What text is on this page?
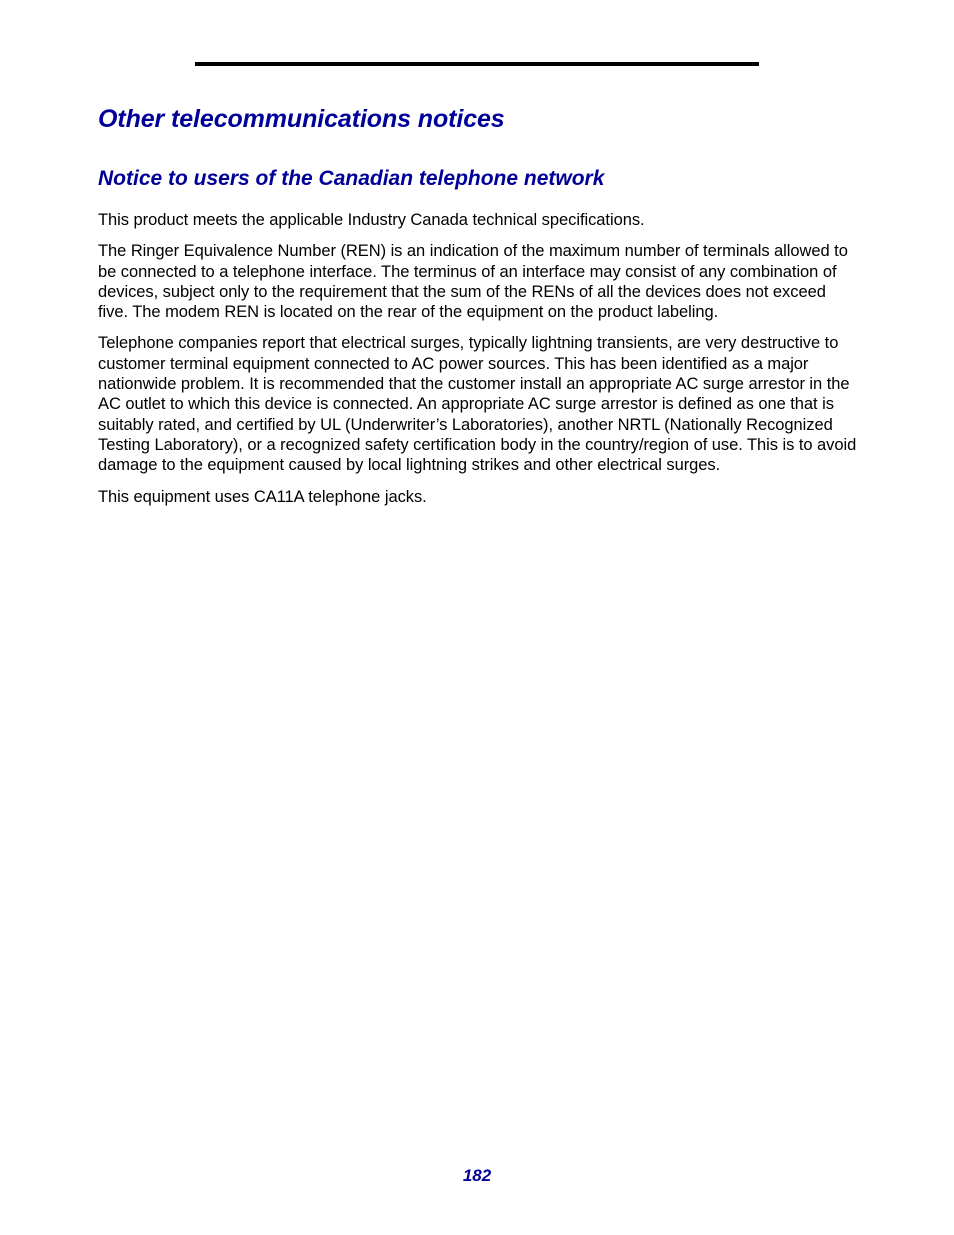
Other telecommunications notices
Notice to users of the Canadian telephone network

This product meets the applicable Industry Canada technical specifications.

The Ringer Equivalence Number (REN) is an indication of the maximum number of terminals allowed to be connected to a telephone interface. The terminus of an interface may consist of any combination of devices, subject only to the requirement that the sum of the RENs of all the devices does not exceed five. The modem REN is located on the rear of the equipment on the product labeling.

Telephone companies report that electrical surges, typically lightning transients, are very destructive to customer terminal equipment connected to AC power sources. This has been identified as a major nationwide problem. It is recommended that the customer install an appropriate AC surge arrestor in the AC outlet to which this device is connected. An appropriate AC surge arrestor is defined as one that is suitably rated, and certified by UL (Underwriter’s Laboratories), another NRTL (Nationally Recognized Testing Laboratory), or a recognized safety certification body in the country/region of use. This is to avoid damage to the equipment caused by local lightning strikes and other electrical surges.

This equipment uses CA11A telephone jacks.

182
